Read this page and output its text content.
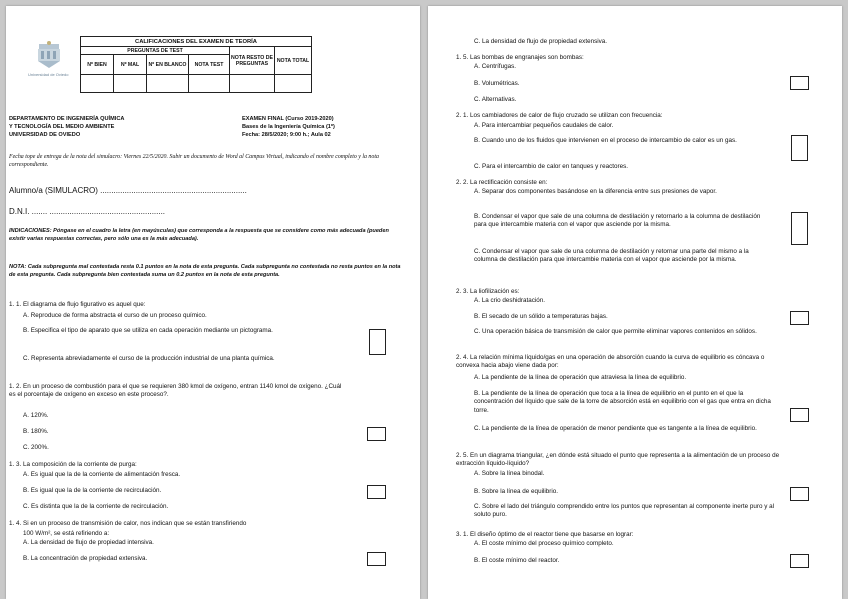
Universidad de Oviedo
CALIFICACIONES DEL EXAMEN DE TEORÍA					
PREGUNTAS DE TEST				NOTA RESTO DE PREGUNTAS	NOTA TOTAL
Nº BIEN	Nº MAL	Nº EN BLANCO	NOTA TEST		

DEPARTAMENTO DE INGENIERÍA QUÍMICA
Y TECNOLOGÍA DEL MEDIO AMBIENTE
UNIVERSIDAD DE OVIEDO
EXAMEN FINAL (Curso 2019-2020)
Bases de la Ingeniería Química (1º)
Fecha: 28/5/2020; 9:00 h.; Aula 02
Fecha tope de entrega de la nota del simulacro: Viernes 22/5/2020. Subir un documento de Word al Campus Virtual, indicando el nombre completo y la nota correspondiente.
Alumno/a (SIMULACRO) ..................................................................
D.N.I. ....... ....................................................
INDICACIONES: Póngase en el cuadro la letra (en mayúsculas) que corresponda a la respuesta que se considere como más adecuada (pueden existir varias respuestas correctas, pero sólo una es la más adecuada).
NOTA: Cada subpregunta mal contestada resta 0.1 puntos en la nota de esta pregunta. Cada subpregunta no contestada no resta puntos en la nota de esta pregunta. Cada subpregunta bien contestada suma un 0.2 puntos en la nota de esta pregunta.
1. 1. El diagrama de flujo figurativo es aquel que:
A. Reproduce de forma abstracta el curso de un proceso químico.
B. Especifica el tipo de aparato que se utiliza en cada operación mediante un pictograma.
C. Representa abreviadamente el curso de la producción industrial de una planta química.
1. 2. En un proceso de combustión para el que se requieren 380 kmol de oxígeno, entran 1140 kmol de oxígeno. ¿Cuál es el porcentaje de oxígeno en exceso en este proceso?.
A. 120%.
B. 180%.
C. 200%.
1. 3. La composición de la corriente de purga:
A. Es igual que la de la corriente de alimentación fresca.
B. Es igual que la de la corriente de recirculación.
C. Es distinta que la de la corriente de recirculación.
1. 4. Si en un proceso de transmisión de calor, nos indican que se están transfiriendo
100 W/m², se está refiriendo a:
A. La densidad de flujo de propiedad intensiva.
B. La concentración de propiedad extensiva.
C. La densidad de flujo de propiedad extensiva.
1. 5. Las bombas de engranajes son bombas:
A. Centrífugas.
B. Volumétricas.
C. Alternativas.
2. 1. Los cambiadores de calor de flujo cruzado se utilizan con frecuencia:
A. Para intercambiar pequeños caudales de calor.
B. Cuando uno de los fluidos que intervienen en el proceso de intercambio de calor es un gas.
C. Para el intercambio de calor en tanques y reactores.
2. 2. La rectificación consiste en:
A. Separar dos componentes basándose en la diferencia entre sus presiones de vapor.
B. Condensar el vapor que sale de una columna de destilación y retornarlo a la columna de destilación para que intercambie materia con el vapor que asciende por la misma.
C. Condensar el vapor que sale de una columna de destilación y retornar una parte del mismo a la columna de destilación para que intercambie materia con el vapor que asciende por la misma.
2. 3. La liofilización es:
A. La crio deshidratación.
B. El secado de un sólido a temperaturas bajas.
C. Una operación básica de transmisión de calor que permite eliminar vapores contenidos en sólidos.
2. 4. La relación mínima líquido/gas en una operación de absorción cuando la curva de equilibrio es cóncava o convexa hacia abajo viene dada por:
A. La pendiente de la línea de operación que atraviesa la línea de equilibrio.
B. La pendiente de la línea de operación que toca a la línea de equilibrio en el punto en el que la concentración del líquido que sale de la torre de absorción está en equilibrio con el gas que entra en dicha torre.
C. La pendiente de la línea de operación de menor pendiente que es tangente a la línea de equilibrio.
2. 5. En un diagrama triangular, ¿en dónde está situado el punto que representa a la alimentación de un proceso de extracción líquido-líquido?
A. Sobre la línea binodal.
B. Sobre la línea de equilibrio.
C. Sobre el lado del triángulo comprendido entre los puntos que representan al componente inerte puro y al soluto puro.
3. 1. El diseño óptimo de el reactor tiene que basarse en lograr:
A. El coste mínimo del proceso químico completo.
B. El coste mínimo del reactor.
